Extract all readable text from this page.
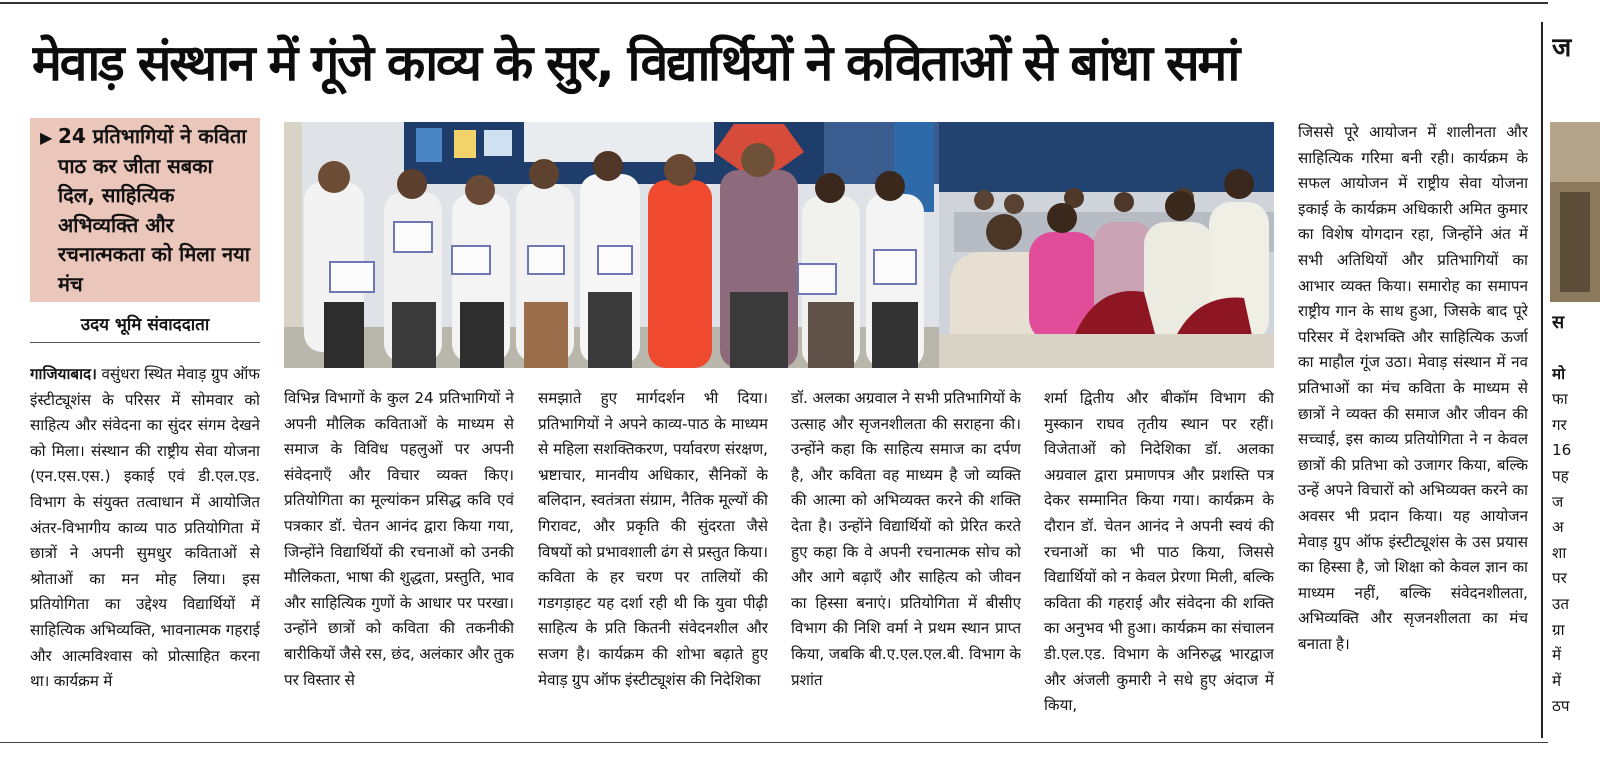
मेवाड़ संस्थान में गूंजे काव्य के सुर, विद्यार्थियों ने कविताओं से बांधा समां
▶ 24 प्रतिभागियों ने कविता पाठ कर जीता सबका दिल, साहित्यिक अभिव्यक्ति और रचनात्मकता को मिला नया मंच
उदय भूमि संवाददाता
गाजियाबाद। वसुंधरा स्थित मेवाड़ ग्रुप ऑफ इंस्टीट्यूशंस के परिसर में सोमवार को साहित्य और संवेदना का सुंदर संगम देखने को मिला। संस्थान की राष्ट्रीय सेवा योजना (एन.एस.एस.) इकाई एवं डी.एल.एड. विभाग के संयुक्त तत्वाधान में आयोजित अंतर-विभागीय काव्य पाठ प्रतियोगिता में छात्रों ने अपनी सुमधुर कविताओं से श्रोताओं का मन मोह लिया। इस प्रतियोगिता का उद्देश्य विद्यार्थियों में साहित्यिक अभिव्यक्ति, भावनात्मक गहराई और आत्मविश्वास को प्रोत्साहित करना था। कार्यक्रम में
विभिन्न विभागों के कुल 24 प्रतिभागियों ने अपनी मौलिक कविताओं के माध्यम से समाज के विविध पहलुओं पर अपनी संवेदनाएँ और विचार व्यक्त किए। प्रतियोगिता का मूल्यांकन प्रसिद्ध कवि एवं पत्रकार डॉ. चेतन आनंद द्वारा किया गया, जिन्होंने विद्यार्थियों की रचनाओं को उनकी मौलिकता, भाषा की शुद्धता, प्रस्तुति, भाव और साहित्यिक गुणों के आधार पर परखा। उन्होंने छात्रों को कविता की तकनीकी बारीकियों जैसे रस, छंद, अलंकार और तुक पर विस्तार से
समझाते हुए मार्गदर्शन भी दिया। प्रतिभागियों ने अपने काव्य-पाठ के माध्यम से महिला सशक्तिकरण, पर्यावरण संरक्षण, भ्रष्टाचार, मानवीय अधिकार, सैनिकों के बलिदान, स्वतंत्रता संग्राम, नैतिक मूल्यों की गिरावट, और प्रकृति की सुंदरता जैसे विषयों को प्रभावशाली ढंग से प्रस्तुत किया। कविता के हर चरण पर तालियों की गडगड़ाहट यह दर्शा रही थी कि युवा पीढ़ी साहित्य के प्रति कितनी संवेदनशील और सजग है। कार्यक्रम की शोभा बढ़ाते हुए मेवाड़ ग्रुप ऑफ इंस्टीट्यूशंस की निदेशिका
डॉ. अलका अग्रवाल ने सभी प्रतिभागियों के उत्साह और सृजनशीलता की सराहना की। उन्होंने कहा कि साहित्य समाज का दर्पण है, और कविता वह माध्यम है जो व्यक्ति की आत्मा को अभिव्यक्त करने की शक्ति देता है। उन्होंने विद्यार्थियों को प्रेरित करते हुए कहा कि वे अपनी रचनात्मक सोच को और आगे बढ़ाएँ और साहित्य को जीवन का हिस्सा बनाएं। प्रतियोगिता में बीसीए विभाग की निशि वर्मा ने प्रथम स्थान प्राप्त किया, जबकि बी.ए.एल.एल.बी. विभाग के प्रशांत
शर्मा द्वितीय और बीकॉम विभाग की मुस्कान राघव तृतीय स्थान पर रहीं। विजेताओं को निदेशिका डॉ. अलका अग्रवाल द्वारा प्रमाणपत्र और प्रशस्ति पत्र देकर सम्मानित किया गया। कार्यक्रम के दौरान डॉ. चेतन आनंद ने अपनी स्वयं की रचनाओं का भी पाठ किया, जिससे विद्यार्थियों को न केवल प्रेरणा मिली, बल्कि कविता की गहराई और संवेदना की शक्ति का अनुभव भी हुआ। कार्यक्रम का संचालन डी.एल.एड. विभाग के अनिरुद्ध भारद्वाज और अंजली कुमारी ने सधे हुए अंदाज में किया,
जिससे पूरे आयोजन में शालीनता और साहित्यिक गरिमा बनी रही। कार्यक्रम के सफल आयोजन में राष्ट्रीय सेवा योजना इकाई के कार्यक्रम अधिकारी अमित कुमार का विशेष योगदान रहा, जिन्होंने अंत में सभी अतिथियों और प्रतिभागियों का आभार व्यक्त किया। समारोह का समापन राष्ट्रीय गान के साथ हुआ, जिसके बाद पूरे परिसर में देशभक्ति और साहित्यिक ऊर्जा का माहौल गूंज उठा। मेवाड़ संस्थान में नव प्रतिभाओं का मंच कविता के माध्यम से छात्रों ने व्यक्त की समाज और जीवन की सच्चाई, इस काव्य प्रतियोगिता ने न केवल छात्रों की प्रतिभा को उजागर किया, बल्कि उन्हें अपने विचारों को अभिव्यक्त करने का अवसर भी प्रदान किया। यह आयोजन मेवाड़ ग्रुप ऑफ इंस्टीट्यूशंस के उस प्रयास का हिस्सा है, जो शिक्षा को केवल ज्ञान का माध्यम नहीं, बल्कि संवेदनशीलता, अभिव्यक्ति और सृजनशीलता का मंच बनाता है।
ज
स
मो
फा
गर
16
पह
ज
अ
शा
पर
उत
ग्रा
में
में
ठप
